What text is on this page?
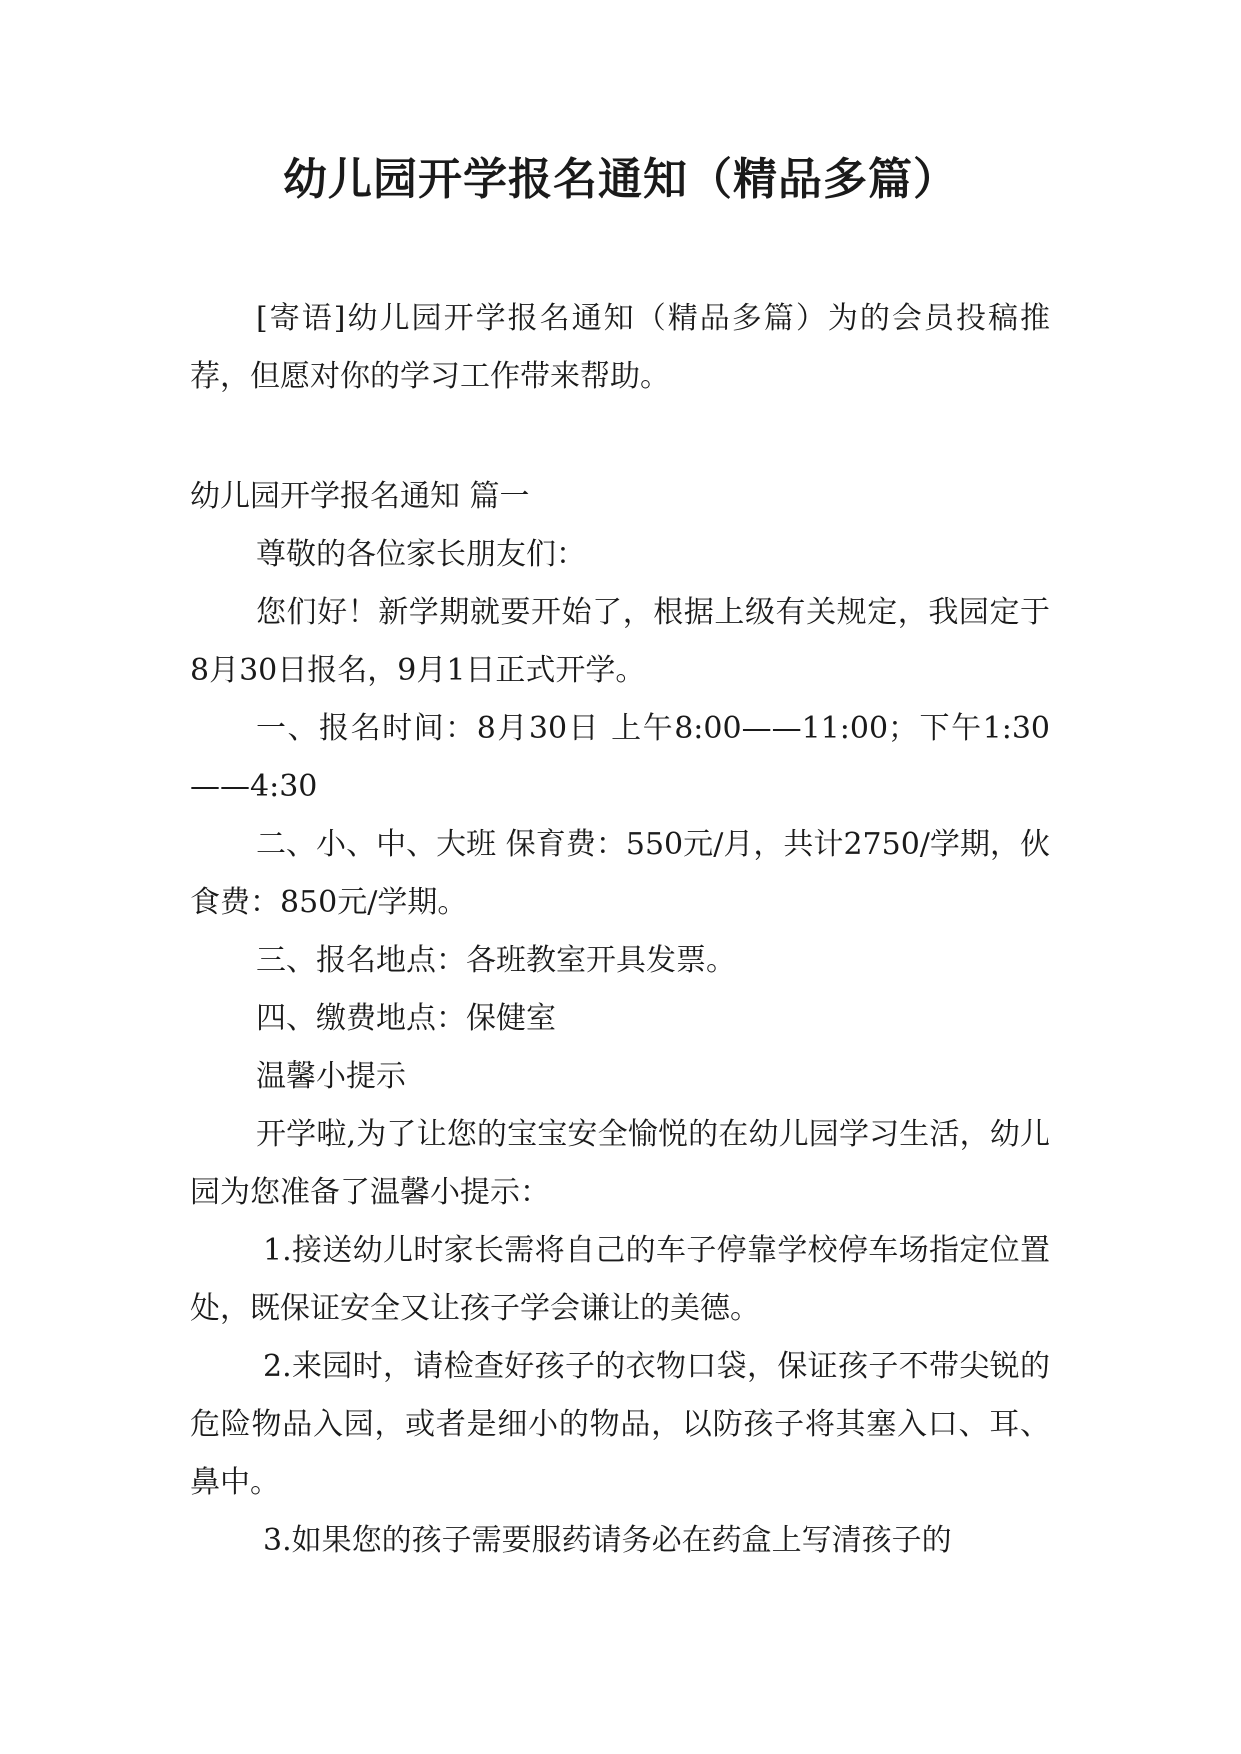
幼儿园开学报名通知（精品多篇）

[寄语]幼儿园开学报名通知（精品多篇）为的会员投稿推荐，但愿对你的学习工作带来帮助。

幼儿园开学报名通知 篇一

尊敬的各位家长朋友们：

您们好！新学期就要开始了，根据上级有关规定，我园定于8月30日报名，9月1日正式开学。

一、报名时间：8月30日 上午8:00——11:00；下午1:30——4:30

二、小、中、大班 保育费：550元/月，共计2750/学期，伙食费：850元/学期。

三、报名地点：各班教室开具发票。

四、缴费地点：保健室

温馨小提示

开学啦,为了让您的宝宝安全愉悦的在幼儿园学习生活，幼儿园为您准备了温馨小提示：

1.接送幼儿时家长需将自己的车子停靠学校停车场指定位置处，既保证安全又让孩子学会谦让的美德。

2.来园时，请检查好孩子的衣物口袋，保证孩子不带尖锐的危险物品入园，或者是细小的物品，以防孩子将其塞入口、耳、鼻中。

3.如果您的孩子需要服药请务必在药盒上写清孩子的
